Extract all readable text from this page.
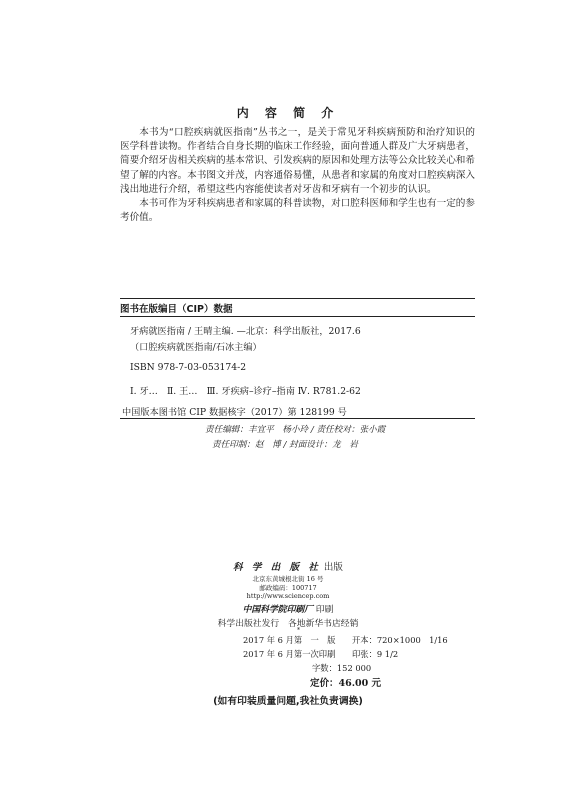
内 容 简 介

本书为“口腔疾病就医指南”丛书之一，是关于常见牙科疾病预防和治疗知识的医学科普读物。作者结合自身长期的临床工作经验，面向普通人群及广大牙病患者，简要介绍牙齿相关疾病的基本常识、引发疾病的原因和处理方法等公众比较关心和希望了解的内容。本书图文并茂，内容通俗易懂，从患者和家属的角度对口腔疾病深入浅出地进行介绍，希望这些内容能使读者对牙齿和牙病有一个初步的认识。

本书可作为牙科疾病患者和家属的科普读物，对口腔科医师和学生也有一定的参考价值。

图书在版编目（CIP）数据
牙病就医指南 / 王晴主编. —北京：科学出版社，2017.6
（口腔疾病就医指南/石冰主编）
ISBN 978-7-03-053174-2
Ⅰ. 牙…　Ⅱ. 王…　Ⅲ. 牙疾病–诊疗–指南 Ⅳ. R781.2-62
中国版本图书馆 CIP 数据核字（2017）第 128199 号
责任编辑：丰宜平　杨小玲 / 责任校对：张小霞
责任印制：赵　博 / 封面设计：龙　岩
科 学 出 版 社 出版
北京东黄城根北街 16 号
邮政编码：100717
http://www.sciencep.com
中国科学院印刷厂 印刷
科学出版社发行　各地新华书店经销
*
2017 年 6 月第　一　版　　开本：720×1000　1/16
2017 年 6 月第一次印刷　　印张：9 1/2
字数：152 000
定价：46.00 元
(如有印装质量问题,我社负责调换)
